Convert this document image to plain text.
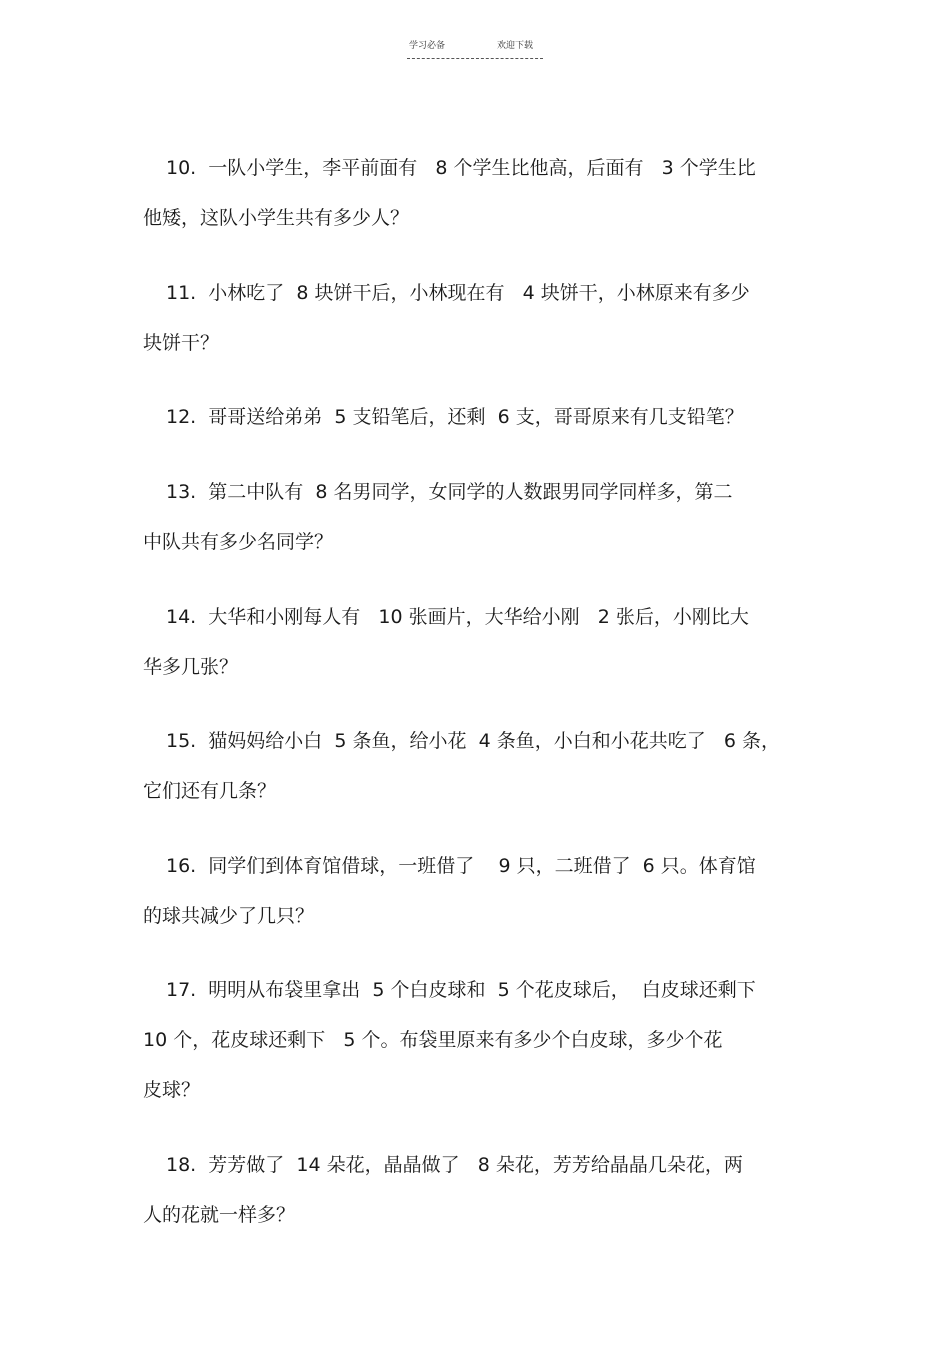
学习必备	欢迎下载
10.  一队小学生，李平前面有   8 个学生比他高，后面有   3 个学生比
他矮，这队小学生共有多少人？
11.  小林吃了  8 块饼干后，小林现在有   4 块饼干，小林原来有多少
块饼干？
12.  哥哥送给弟弟  5 支铅笔后，还剩  6 支，哥哥原来有几支铅笔？
13.  第二中队有  8 名男同学，女同学的人数跟男同学同样多，第二
中队共有多少名同学？
14.  大华和小刚每人有   10 张画片，大华给小刚   2 张后，小刚比大
华多几张？
15.  猫妈妈给小白  5 条鱼，给小花  4 条鱼，小白和小花共吃了   6 条，
它们还有几条？
16.  同学们到体育馆借球，一班借了    9 只，二班借了  6 只。体育馆
的球共减少了几只？
17.  明明从布袋里拿出  5 个白皮球和  5 个花皮球后，  白皮球还剩下
10 个，花皮球还剩下   5 个。布袋里原来有多少个白皮球，多少个花
皮球？
18.  芳芳做了  14 朵花，晶晶做了   8 朵花，芳芳给晶晶几朵花，两
人的花就一样多？
